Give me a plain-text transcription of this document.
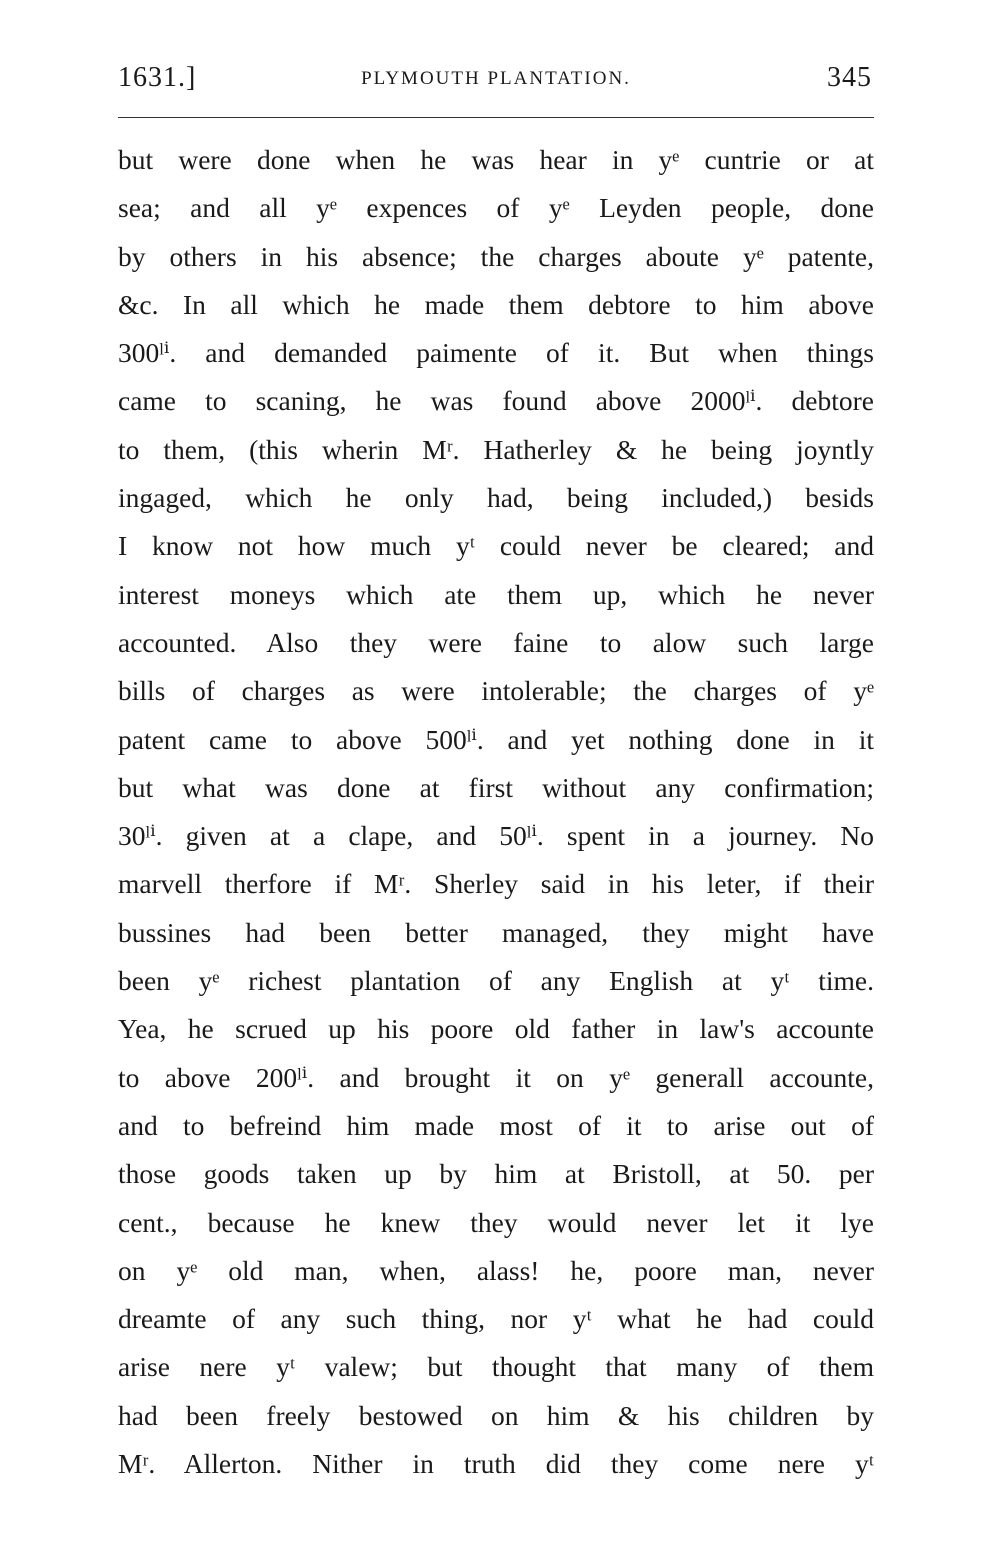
1631.]	PLYMOUTH PLANTATION.	345
but were done when he was hear in yᵉ cuntrie or at
sea; and all yᵉ expences of yᵉ Leyden people, done
by others in his absence; the charges aboute yᵉ patente,
&c. In all which he made them debtore to him above
300ˡⁱ. and demanded paimente of it. But when things
came to scaning, he was found above 2000ˡⁱ. debtore
to them, (this wherin Mʳ. Hatherley & he being joyntly
ingaged, which he only had, being included,) besids
I know not how much yᵗ could never be cleared; and
interest moneys which ate them up, which he never
accounted. Also they were faine to alow such large
bills of charges as were intolerable; the charges of yᵉ
patent came to above 500ˡⁱ. and yet nothing done in it
but what was done at first without any confirmation;
30ˡⁱ. given at a clape, and 50ˡⁱ. spent in a journey. No
marvell therfore if Mʳ. Sherley said in his leter, if their
bussines had been better managed, they might have
been yᵉ richest plantation of any English at yᵗ time.
Yea, he scrued up his poore old father in law's accounte
to above 200ˡⁱ. and brought it on yᵉ generall accounte,
and to befreind him made most of it to arise out of
those goods taken up by him at Bristoll, at 50. per
cent., because he knew they would never let it lye
on yᵉ old man, when, alass! he, poore man, never
dreamte of any such thing, nor yᵗ what he had could
arise nere yᵗ valew; but thought that many of them
had been freely bestowed on him & his children by
Mʳ. Allerton. Nither in truth did they come nere yᵗ
